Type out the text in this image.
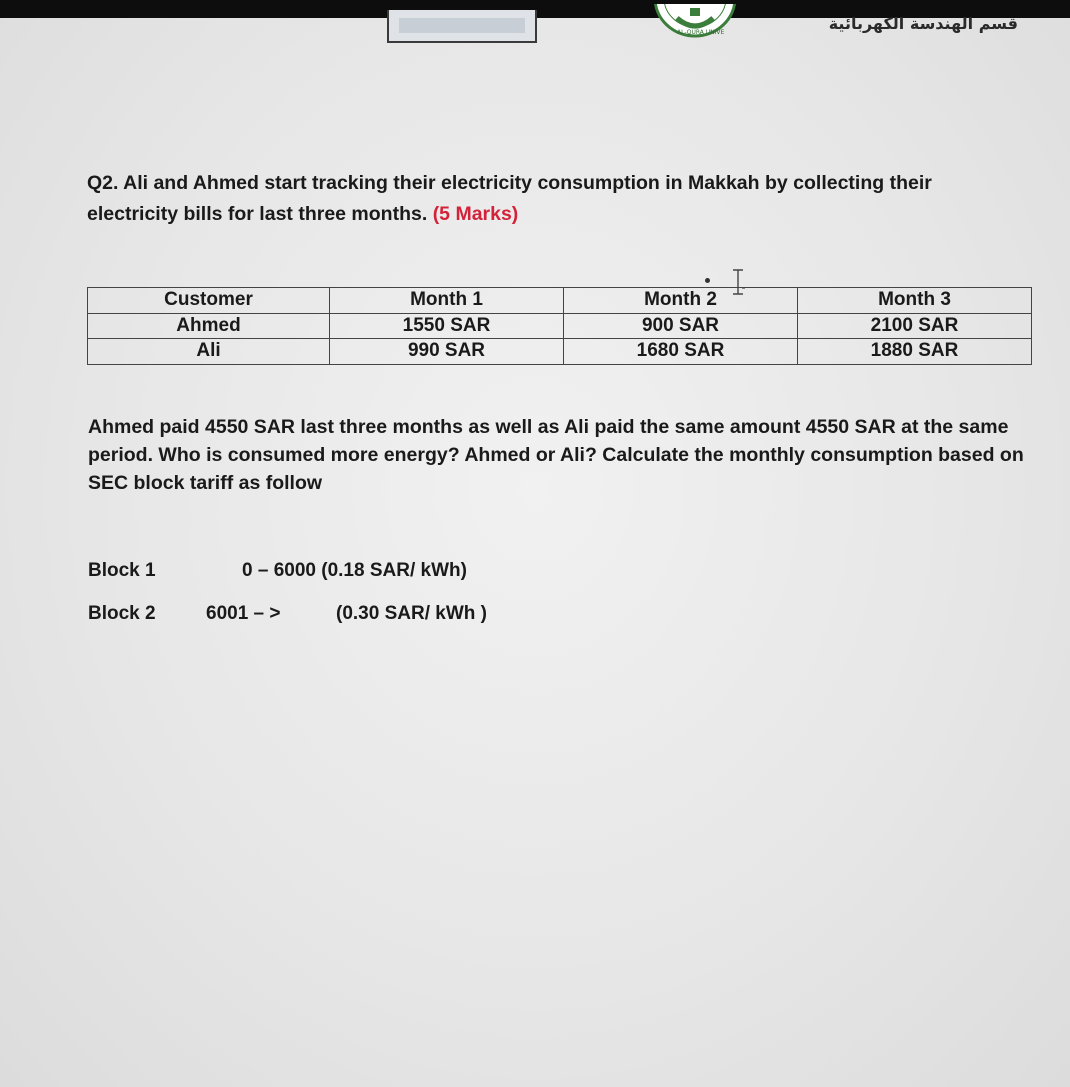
AL-QURA UNIVE	قسم الهندسة الكهربائية
Q2. Ali and Ahmed start tracking their electricity consumption in Makkah by collecting their electricity bills for last three months. (5 Marks)
Customer	Month 1	Month 2	Month 3
Ahmed	1550 SAR	900 SAR	2100 SAR
Ali	990 SAR	1680 SAR	1880 SAR
Ahmed paid 4550 SAR last three months as well as Ali paid the same amount 4550 SAR at the same period. Who is consumed more energy? Ahmed or Ali? Calculate the monthly consumption based on SEC block tariff as follow
Block 1	0 – 6000 (0.18 SAR/ kWh)
Block 2	6001 – >	(0.30 SAR/ kWh )
